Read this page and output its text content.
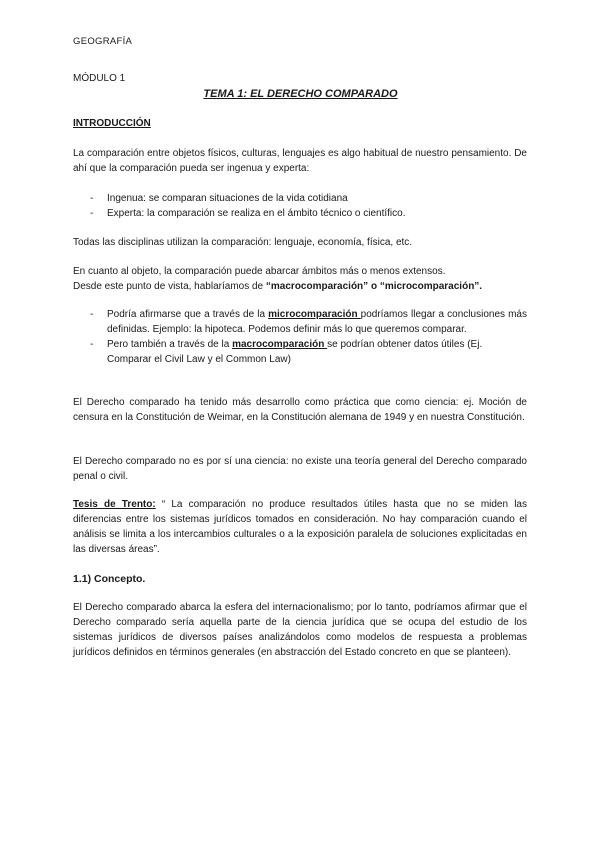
GEOGRAFÍA
MÓDULO 1
TEMA 1: EL DERECHO COMPARADO
INTRODUCCIÓN
La comparación entre objetos físicos, culturas, lenguajes es algo habitual de nuestro pensamiento. De ahí que la comparación pueda ser ingenua y experta:
- Ingenua: se comparan situaciones de la vida cotidiana
- Experta: la comparación se realiza en el ámbito técnico o científico.
Todas las disciplinas utilizan la comparación: lenguaje, economía, física, etc.
En cuanto al objeto, la comparación puede abarcar ámbitos más o menos extensos.
Desde este punto de vista, hablaríamos de “macrocomparación” o “microcomparación”.
- Podría afirmarse que a través de la microcomparación podríamos llegar a conclusiones más definidas. Ejemplo: la hipoteca. Podemos definir más lo que queremos comparar.
- Pero también a través de la macrocomparación se podrían obtener datos útiles (Ej. Comparar el Civil Law y el Common Law)
El Derecho comparado ha tenido más desarrollo como práctica que como ciencia: ej. Moción de censura en la Constitución de Weimar, en la Constitución alemana de 1949 y en nuestra Constitución.
El Derecho comparado no es por sí una ciencia: no existe una teoría general del Derecho comparado penal o civil.
Tesis de Trento: “ La comparación no produce resultados útiles hasta que no se miden las diferencias entre los sistemas jurídicos tomados en consideración. No hay comparación cuando el análisis se limita a los intercambios culturales o a la exposición paralela de soluciones explicitadas en las diversas áreas”.
1.1) Concepto.
El Derecho comparado abarca la esfera del internacionalismo; por lo tanto, podríamos afirmar que el Derecho comparado sería aquella parte de la ciencia jurídica que se ocupa del estudio de los sistemas jurídicos de diversos países analizándolos como modelos de respuesta a problemas jurídicos definidos en términos generales (en abstracción del Estado concreto en que se planteen).
